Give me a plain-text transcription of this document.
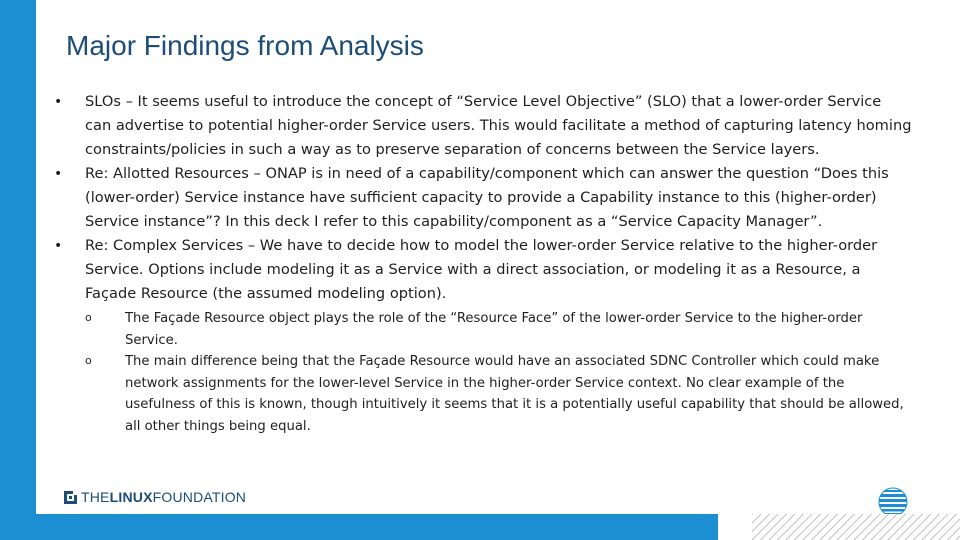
Major Findings from Analysis
• SLOs – It seems useful to introduce the concept of “Service Level Objective” (SLO) that a lower-order Service can advertise to potential higher-order Service users. This would facilitate a method of capturing latency homing constraints/policies in such a way as to preserve separation of concerns between the Service layers.
• Re: Allotted Resources – ONAP is in need of a capability/component which can answer the question “Does this (lower-order) Service instance have sufficient capacity to provide a Capability instance to this (higher-order) Service instance”? In this deck I refer to this capability/component as a “Service Capacity Manager”.
• Re: Complex Services – We have to decide how to model the lower-order Service relative to the higher-order Service. Options include modeling it as a Service with a direct association, or modeling it as a Resource, a Façade Resource (the assumed modeling option).
o	The Façade Resource object plays the role of the “Resource Face” of the lower-order Service to the higher-order Service.
o	The main difference being that the Façade Resource would have an associated SDNC Controller which could make network assignments for the lower-level Service in the higher-order Service context. No clear example of the usefulness of this is known, though intuitively it seems that it is a potentially useful capability that should be allowed, all other things being equal.
THELINUXFOUNDATION
